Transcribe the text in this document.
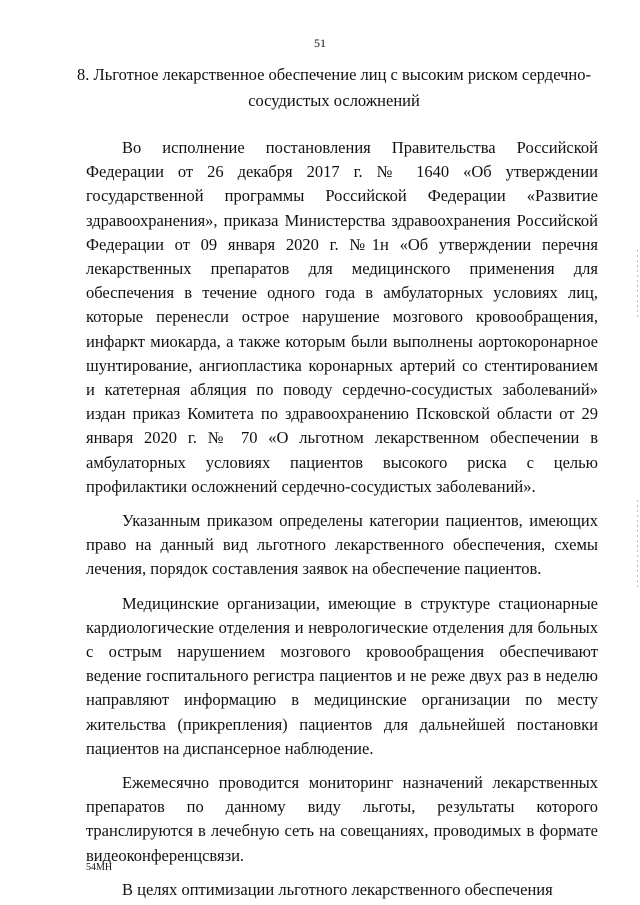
51
8. Льготное лекарственное обеспечение лиц с высоким риском сердечно-сосудистых осложнений

Во исполнение постановления Правительства Российской Федерации от 26 декабря 2017 г. № 1640 «Об утверждении государственной программы Российской Федерации «Развитие здравоохранения», приказа Министерства здравоохранения Российской Федерации от 09 января 2020 г. №1н «Об утверждении перечня лекарственных препаратов для медицинского применения для обеспечения в течение одного года в амбулаторных условиях лиц, которые перенесли острое нарушение мозгового кровообращения, инфаркт миокарда, а также которым были выполнены аортокоронарное шунтирование, ангиопластика коронарных артерий со стентированием и катетерная абляция по поводу сердечно-сосудистых заболеваний» издан приказ Комитета по здравоохранению Псковской области от 29 января 2020 г. № 70 «О льготном лекарственном обеспечении в амбулаторных условиях пациентов высокого риска с целью профилактики осложнений сердечно-сосудистых заболеваний».

Указанным приказом определены категории пациентов, имеющих право на данный вид льготного лекарственного обеспечения, схемы лечения, порядок составления заявок на обеспечение пациентов.

Медицинские организации, имеющие в структуре стационарные кардиологические отделения и неврологические отделения для больных с острым нарушением мозгового кровообращения обеспечивают ведение госпитального регистра пациентов и не реже двух раз в неделю направляют информацию в медицинские организации по месту жительства (прикрепления) пациентов для дальнейшей постановки пациентов на диспансерное наблюдение.

Ежемесячно проводится мониторинг назначений лекарственных препаратов по данному виду льготы, результаты которого транслируются в лечебную сеть на совещаниях, проводимых в формате видеоконференцсвязи.

В целях оптимизации льготного лекарственного обеспечения

54МН
